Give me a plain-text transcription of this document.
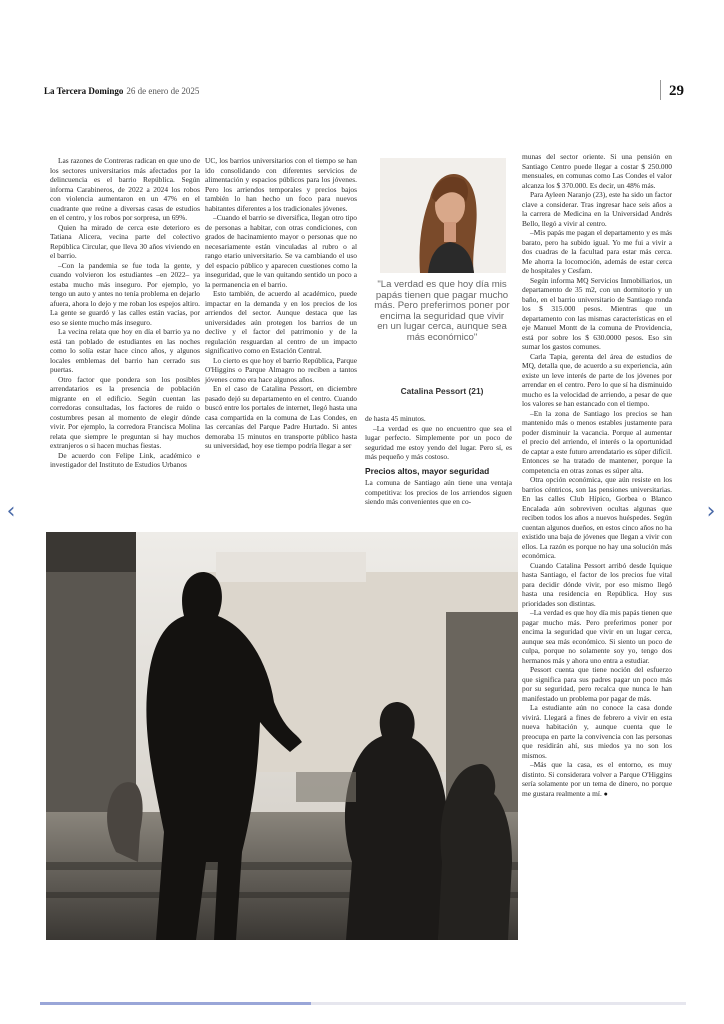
‹	›
La Tercera Domingo 26 de enero de 2025	29

Las razones de Contreras radican en que uno de los sectores universitarios más afectados por la delincuencia es el barrio República. Según informa Carabineros, de 2022 a 2024 los robos con violencia aumentaron en un 47% en el cuadrante que reúne a diversas casas de estudios en el centro, y los robos por sorpresa, un 69%.

Quien ha mirado de cerca este deterioro es Tatiana Alicera, vecina parte del colectivo República Circular, que lleva 30 años viviendo en el barrio.

–Con la pandemia se fue toda la gente, y cuando volvieron los estudiantes –en 2022– ya estaba mucho más inseguro. Por ejemplo, yo tengo un auto y antes no tenía problema en dejarlo afuera, ahora lo dejo y me roban los espejos altiro. La gente se guardó y las calles están vacías, por eso se siente mucho más inseguro.

La vecina relata que hoy en día el barrio ya no está tan poblado de estudiantes en las noches como lo solía estar hace cinco años, y algunos locales emblemas del barrio han cerrado sus puertas.

Otro factor que pondera son los posibles arrendatarios es la presencia de población migrante en el edificio. Según cuentan las corredoras consultadas, los factores de ruido o costumbres pesan al momento de elegir dónde vivir. Por ejemplo, la corredora Francisca Molina relata que siempre le preguntan si hay muchos extranjeros o si hacen muchas fiestas.

De acuerdo con Felipe Link, académico e investigador del Instituto de Estudios Urbanos

UC, los barrios universitarios con el tiempo se han ido consolidando con diferentes servicios de alimentación y espacios públicos para los jóvenes. Pero los arriendos temporales y precios bajos también lo han hecho un foco para nuevos habitantes diferentes a los tradicionales jóvenes.

–Cuando el barrio se diversifica, llegan otro tipo de personas a habitar, con otras condiciones, con grados de hacinamiento mayor o personas que no necesariamente están vinculadas al rubro o al rango etario universitario. Se va cambiando el uso del espacio público y aparecen cuestiones como la inseguridad, que le van quitando sentido un poco a la permanencia en el barrio.

Esto también, de acuerdo al académico, puede impactar en la demanda y en los precios de los arriendos del sector. Aunque destaca que las universidades aún protegen los barrios de un declive y el factor del patrimonio y de la regulación resguardan al centro de un impacto significativo como en Estación Central.

Lo cierto es que hoy el barrio República, Parque O'Higgins o Parque Almagro no reciben a tantos jóvenes como era hace algunos años.

En el caso de Catalina Pessort, en diciembre pasado dejó su departamento en el centro. Cuando buscó entre los portales de internet, llegó hasta una casa compartida en la comuna de Las Condes, en las cercanías del Parque Padre Hurtado. Si antes demoraba 15 minutos en transporte público hasta su universidad, hoy ese tiempo podría llegar a ser

"La verdad es que hoy día mis papás tienen que pagar mucho más. Pero preferimos poner por encima la seguridad que vivir en un lugar cerca, aunque sea más económico"
Catalina Pessort (21)

de hasta 45 minutos.

–La verdad es que no encuentro que sea el lugar perfecto. Simplemente por un poco de seguridad me estoy yendo del lugar. Pero sí, es más pequeño y más costoso.

Precios altos, mayor seguridad

La comuna de Santiago aún tiene una ventaja competitiva: los precios de los arriendos siguen siendo más convenientes que en co-

munas del sector oriente. Si una pensión en Santiago Centro puede llegar a costar $ 250.000 mensuales, en comunas como Las Condes el valor alcanza los $ 370.000. Es decir, un 48% más.

Para Ayleen Naranjo (23), este ha sido un factor clave a considerar. Tras ingresar hace seis años a la carrera de Medicina en la Universidad Andrés Bello, llegó a vivir al centro.

–Mis papás me pagan el departamento y es más barato, pero ha subido igual. Yo me fui a vivir a dos cuadras de la facultad para estar más cerca. Me ahorra la locomoción, además de estar cerca de hospitales y Cesfam.

Según informa MQ Servicios Inmobiliarios, un departamento de 35 m2, con un dormitorio y un baño, en el barrio universitario de Santiago ronda los $ 315.000 pesos. Mientras que un departamento con las mismas características en el eje Manuel Montt de la comuna de Providencia, está por sobre los $ 630.0000 pesos. Eso sin sumar los gastos comunes.

Carla Tapia, gerenta del área de estudios de MQ, detalla que, de acuerdo a su experiencia, aún existe un leve interés de parte de los jóvenes por arrendar en el centro. Pero lo que sí ha disminuido mucho es la velocidad de arriendo, a pesar de que los valores se han estancado con el tiempo.

–En la zona de Santiago los precios se han mantenido más o menos estables justamente para poder disminuir la vacancia. Porque al aumentar el precio del arriendo, el interés o la oportunidad de captar a este futuro arrendatario es súper difícil. Entonces se ha tratado de mantener, porque la competencia en otras zonas es súper alta.

Otra opción económica, que aún resiste en los barrios céntricos, son las pensiones universitarias. En las calles Club Hípico, Gorbea o Blanco Encalada aún sobreviven ocultas algunas que reciben todos los años a nuevos huéspedes. Según cuentan algunos dueños, en estos cinco años no ha existido una baja de jóvenes que llegan a vivir con ellos. La razón es porque no hay una solución más económica.

Cuando Catalina Pessort arribó desde Iquique hasta Santiago, el factor de los precios fue vital para decidir dónde vivir, por eso mismo llegó hasta una residencia en República. Hoy sus prioridades son distintas.

–La verdad es que hoy día mis papás tienen que pagar mucho más. Pero preferimos poner por encima la seguridad que vivir en un lugar cerca, aunque sea más económico. Si siento un poco de culpa, porque no solamente soy yo, tengo dos hermanos más y ahora uno entra a estudiar.

Pessort cuenta que tiene noción del esfuerzo que significa para sus padres pagar un poco más por su seguridad, pero recalca que nunca le han manifestado un problema por pagar de más.

La estudiante aún no conoce la casa donde vivirá. Llegará a fines de febrero a vivir en esta nueva habitación y, aunque cuenta que le preocupa en parte la convivencia con las personas que residirán ahí, sus miedos ya no son los mismos.

–Más que la casa, es el entorno, es muy distinto. Si considerara volver a Parque O'Higgins sería solamente por un tema de dinero, no porque me gustara realmente a mí. ●
